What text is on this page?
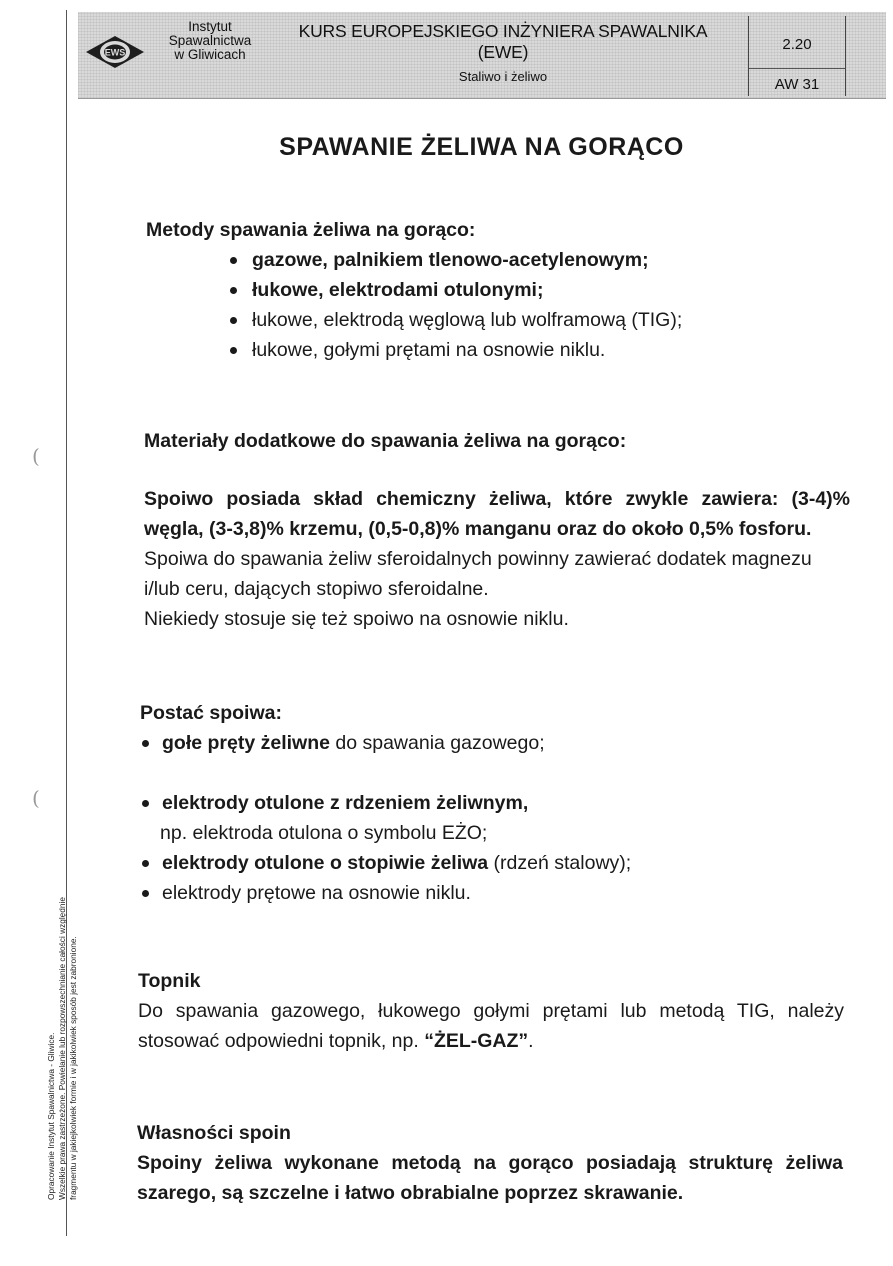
(
(
Opracowanie Instytut Spawalnictwa - Gliwice. Wszelkie prawa zastrzeżone. Powielanie lub rozpowszechnianie całości względnie fragmentu w jakiejkolwiek formie i w jakikolwiek sposób jest zabronione.
EWS
Instytut
Spawalnictwa
w Gliwicach
KURS EUROPEJSKIEGO INŻYNIERA SPAWALNIKA
(EWE)
Staliwo i żeliwo
2.20
AW 31
SPAWANIE ŻELIWA NA GORĄCO
Metody spawania żeliwa na gorąco:
gazowe, palnikiem tlenowo-acetylenowym;
łukowe, elektrodami otulonymi;
łukowe, elektrodą węglową lub wolframową (TIG);
łukowe, gołymi prętami na osnowie niklu.
Materiały dodatkowe do spawania żeliwa na gorąco:

Spoiwo posiada skład chemiczny żeliwa, które zwykle zawiera: (3-4)% węgla, (3-3,8)% krzemu, (0,5-0,8)% manganu oraz do około 0,5% fosforu.

Spoiwa do spawania żeliw sferoidalnych powinny zawierać dodatek magnezu i/lub ceru, dających stopiwo sferoidalne.

Niekiedy stosuje się też spoiwo na osnowie niklu.

Postać spoiwa:
gołe pręty żeliwne do spawania gazowego;
elektrody otulone z rdzeniem żeliwnym,
np. elektroda otulona o symbolu EŻO;
elektrody otulone o stopiwie żeliwa (rdzeń stalowy);
elektrody prętowe na osnowie niklu.
Topnik

Do spawania gazowego, łukowego gołymi prętami lub metodą TIG, należy stosować odpowiedni topnik, np. “ŻEL-GAZ”.

Własności spoin

Spoiny żeliwa wykonane metodą na gorąco posiadają strukturę żeliwa szarego, są szczelne i łatwo obrabialne poprzez skrawanie.
